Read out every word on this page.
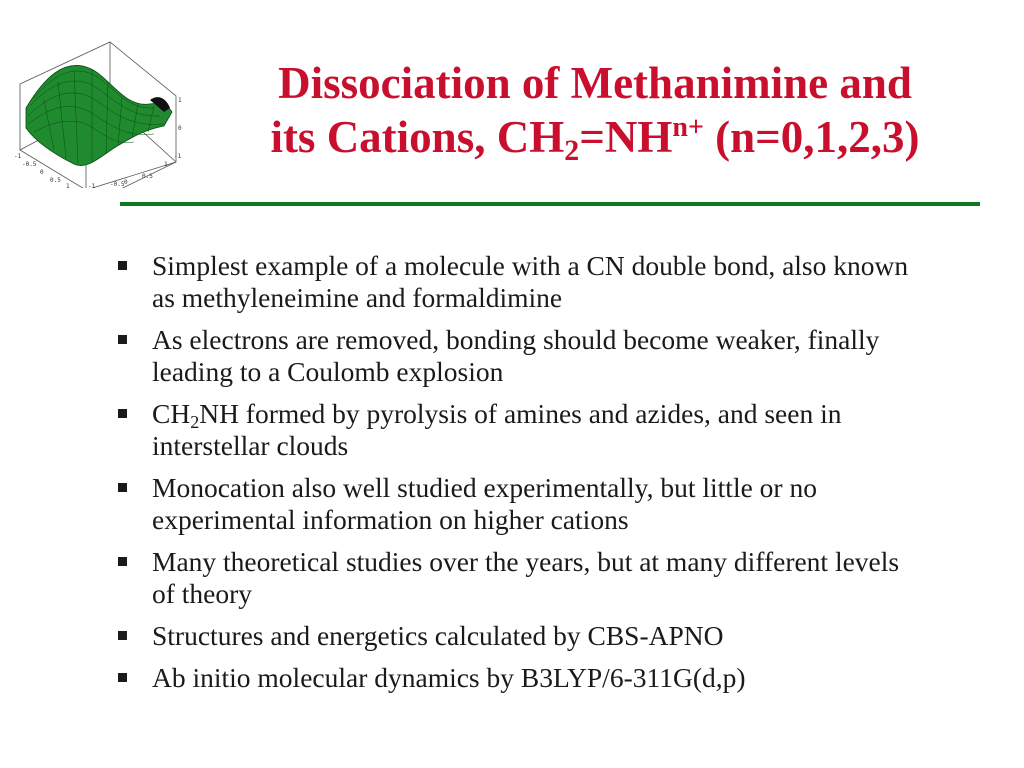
-1
-0.5
0
0.5
1
1
0.5
0
-0.5
-1
1
0
-1
Dissociation of Methanimine and
its Cations, $CH_2=NH^{n+}$ (n=0,1,2,3)
Simplest example of a molecule with a CN double bond, also known as methyleneimine and formaldimine
As electrons are removed, bonding should become weaker, finally leading to a Coulomb explosion
$CH_2NH$ formed by pyrolysis of amines and azides, and seen in interstellar clouds
Monocation also well studied experimentally, but little or no experimental information on higher cations
Many theoretical studies over the years, but at many different levels of theory
Structures and energetics calculated by CBS-APNO
Ab initio molecular dynamics by B3LYP/6-311G(d,p)
